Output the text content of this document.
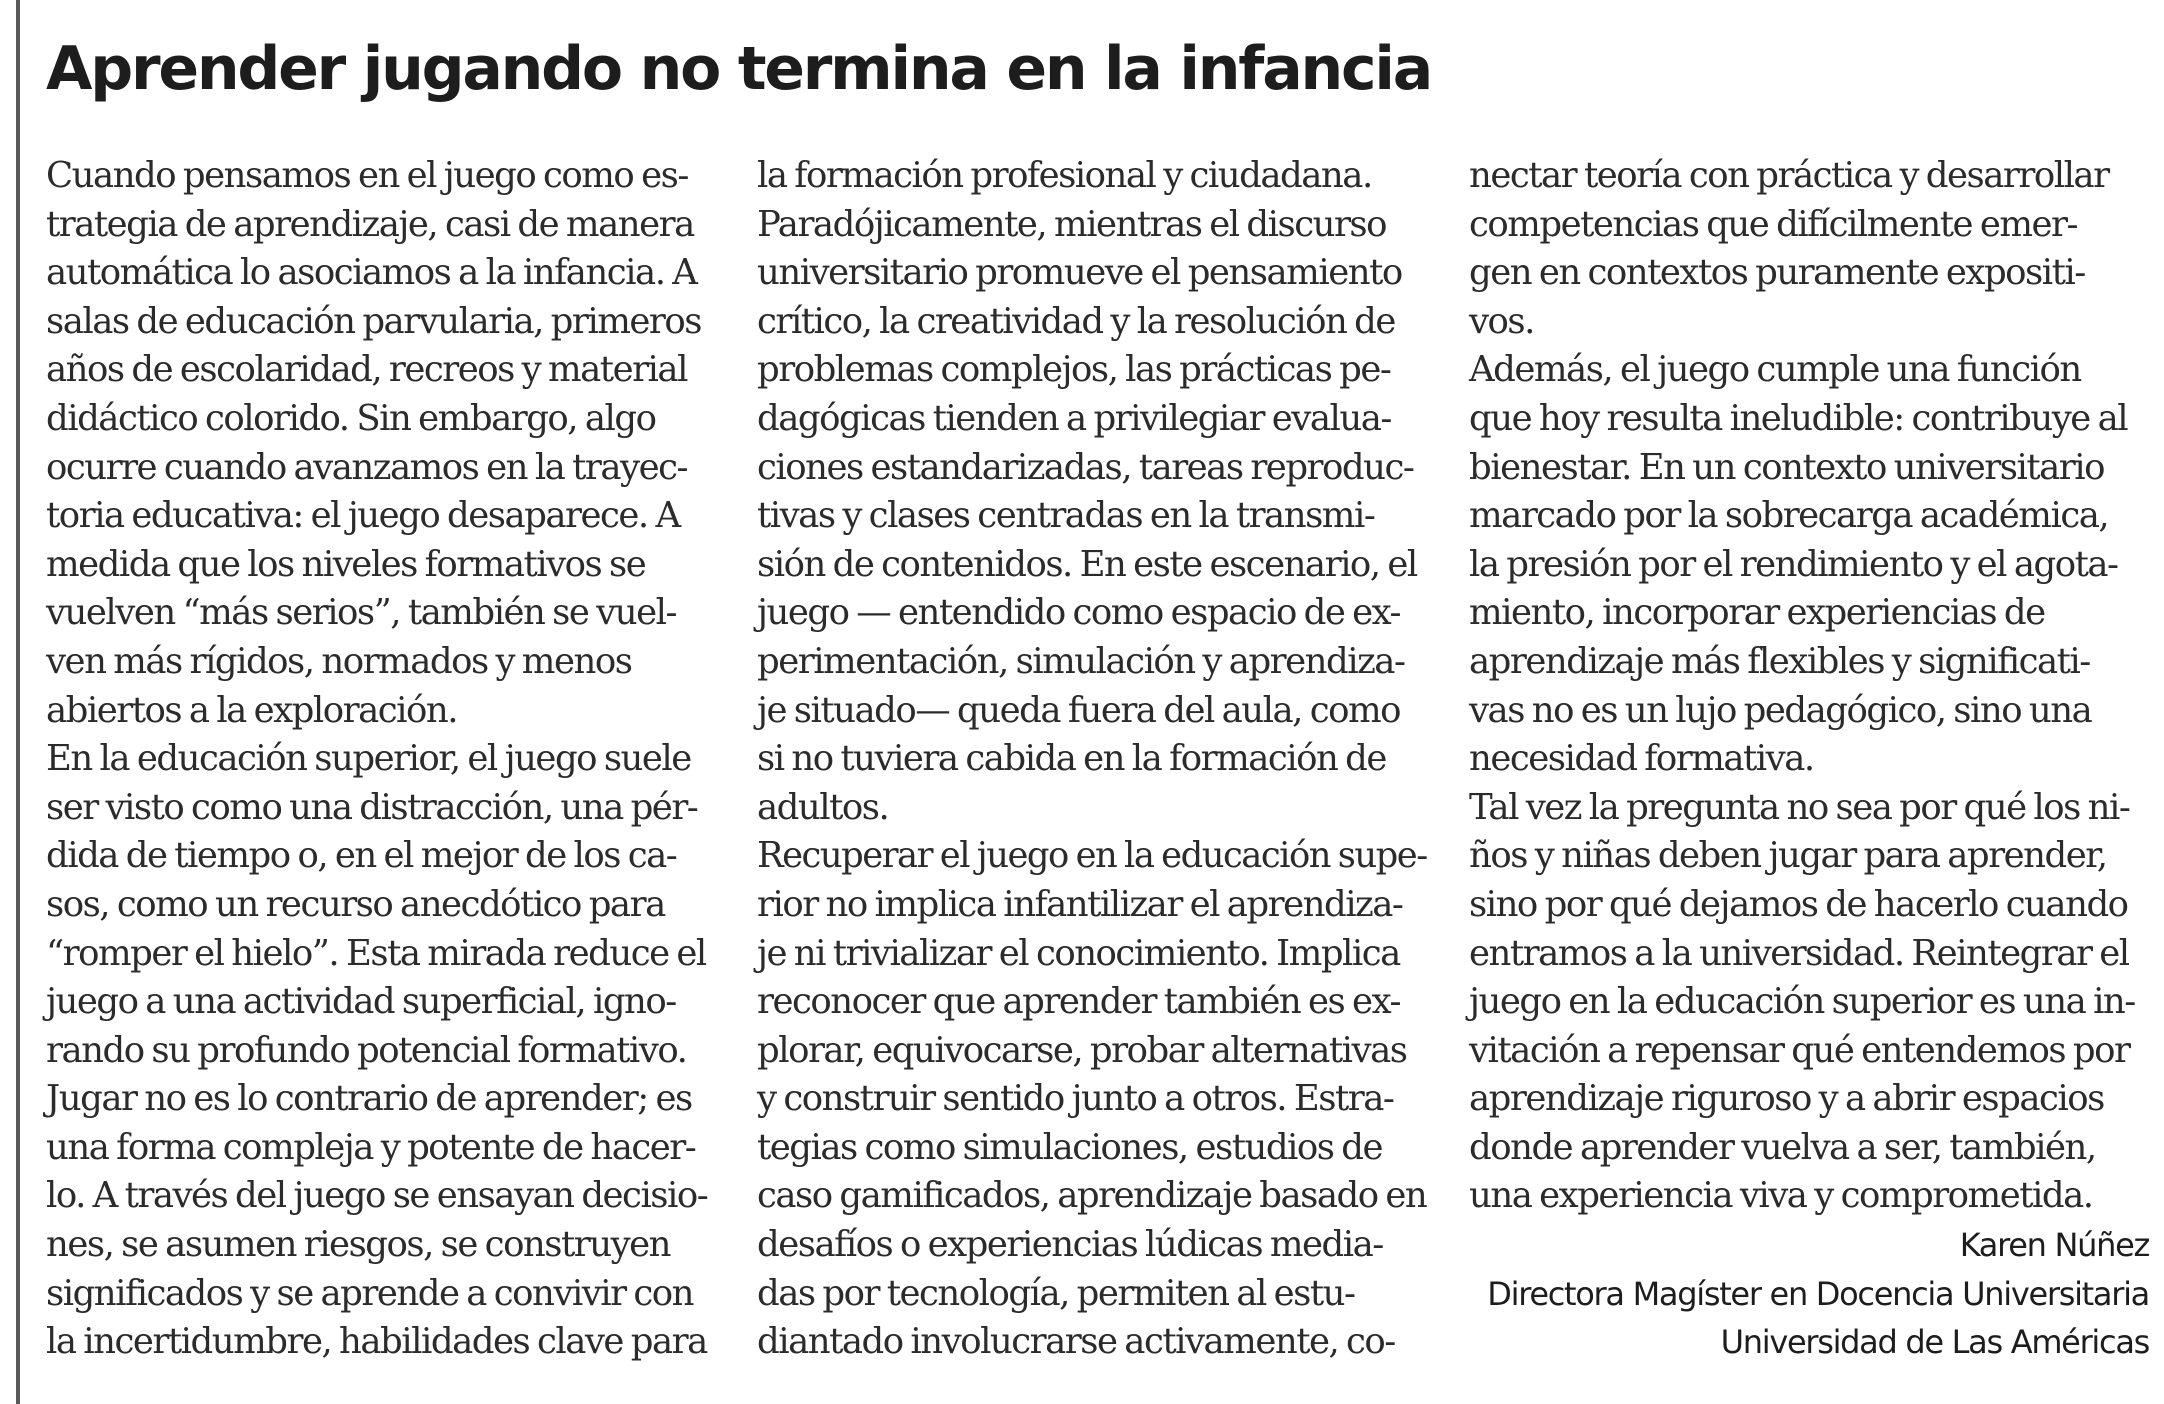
Aprender jugando no termina en la infancia
Cuando pensamos en el juego como es-
trategia de aprendizaje, casi de manera
automática lo asociamos a la infancia. A
salas de educación parvularia, primeros
años de escolaridad, recreos y material
didáctico colorido. Sin embargo, algo
ocurre cuando avanzamos en la trayec-
toria educativa: el juego desaparece. A
medida que los niveles formativos se
vuelven “más serios”, también se vuel-
ven más rígidos, normados y menos
abiertos a la exploración.
En la educación superior, el juego suele
ser visto como una distracción, una pér-
dida de tiempo o, en el mejor de los ca-
sos, como un recurso anecdótico para
“romper el hielo”. Esta mirada reduce el
juego a una actividad superficial, igno-
rando su profundo potencial formativo.
Jugar no es lo contrario de aprender; es
una forma compleja y potente de hacer-
lo. A través del juego se ensayan decisio-
nes, se asumen riesgos, se construyen
significados y se aprende a convivir con
la incertidumbre, habilidades clave para
la formación profesional y ciudadana.
Paradójicamente, mientras el discurso
universitario promueve el pensamiento
crítico, la creatividad y la resolución de
problemas complejos, las prácticas pe-
dagógicas tienden a privilegiar evalua-
ciones estandarizadas, tareas reproduc-
tivas y clases centradas en la transmi-
sión de contenidos. En este escenario, el
juego — entendido como espacio de ex-
perimentación, simulación y aprendiza-
je situado— queda fuera del aula, como
si no tuviera cabida en la formación de
adultos.
Recuperar el juego en la educación supe-
rior no implica infantilizar el aprendiza-
je ni trivializar el conocimiento. Implica
reconocer que aprender también es ex-
plorar, equivocarse, probar alternativas
y construir sentido junto a otros. Estra-
tegias como simulaciones, estudios de
caso gamificados, aprendizaje basado en
desafíos o experiencias lúdicas media-
das por tecnología, permiten al estu-
diantado involucrarse activamente, co-
nectar teoría con práctica y desarrollar
competencias que difícilmente emer-
gen en contextos puramente expositi-
vos.
Además, el juego cumple una función
que hoy resulta ineludible: contribuye al
bienestar. En un contexto universitario
marcado por la sobrecarga académica,
la presión por el rendimiento y el agota-
miento, incorporar experiencias de
aprendizaje más flexibles y significati-
vas no es un lujo pedagógico, sino una
necesidad formativa.
Tal vez la pregunta no sea por qué los ni-
ños y niñas deben jugar para aprender,
sino por qué dejamos de hacerlo cuando
entramos a la universidad. Reintegrar el
juego en la educación superior es una in-
vitación a repensar qué entendemos por
aprendizaje riguroso y a abrir espacios
donde aprender vuelva a ser, también,
una experiencia viva y comprometida.
Karen Núñez
Directora Magíster en Docencia Universitaria
Universidad de Las Américas
